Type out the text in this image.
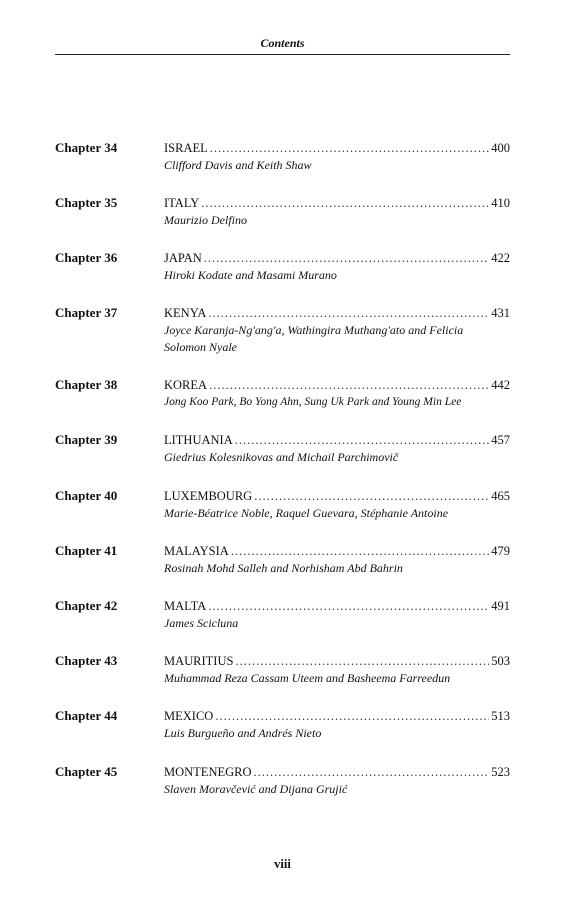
Contents
Chapter 34	ISRAEL .....	400
Clifford Davis and Keith Shaw
Chapter 35	ITALY .....	410
Maurizio Delfino
Chapter 36	JAPAN .....	422
Hiroki Kodate and Masami Murano
Chapter 37	KENYA .....	431
Joyce Karanja-Ng'ang'a, Wathingira Muthang'ato and Felicia Solomon Nyale
Chapter 38	KOREA .....	442
Jong Koo Park, Bo Yong Ahn, Sung Uk Park and Young Min Lee
Chapter 39	LITHUANIA .....	457
Giedrius Kolesnikovas and Michail Parchimovič
Chapter 40	LUXEMBOURG .....	465
Marie-Béatrice Noble, Raquel Guevara, Stéphanie Antoine
Chapter 41	MALAYSIA .....	479
Rosinah Mohd Salleh and Norhisham Abd Bahrin
Chapter 42	MALTA .....	491
James Scicluna
Chapter 43	MAURITIUS .....	503
Muhammad Reza Cassam Uteem and Basheema Farreedun
Chapter 44	MEXICO .....	513
Luis Burgueño and Andrés Nieto
Chapter 45	MONTENEGRO .....	523
Slaven Moravčević and Dijana Grujić
viii
